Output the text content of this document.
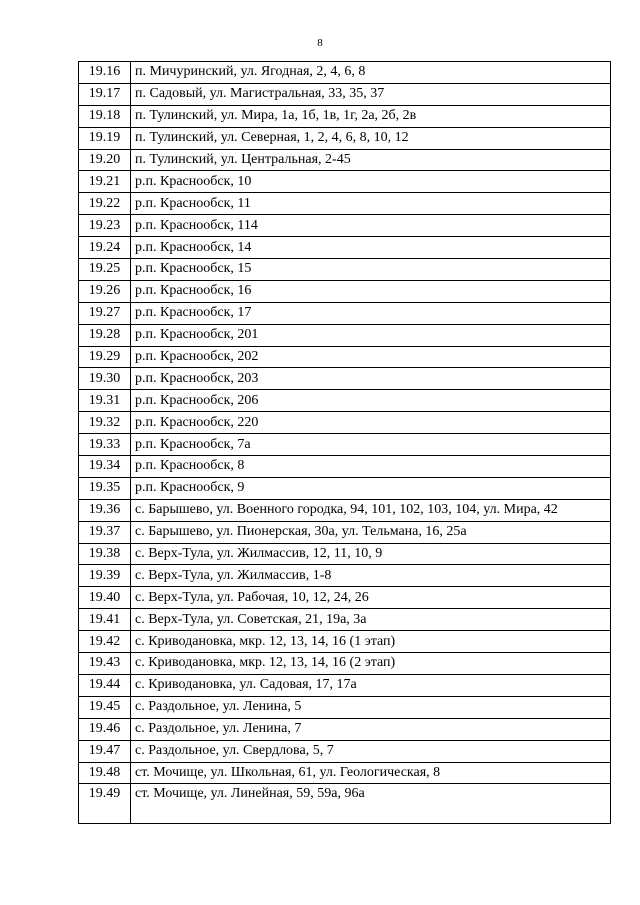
8
19.16	п. Мичуринский, ул. Ягодная, 2, 4, 6, 8
19.17	п. Садовый, ул. Магистральная, 33, 35, 37
19.18	п. Тулинский, ул. Мира, 1а, 1б, 1в, 1г, 2а, 2б, 2в
19.19	п. Тулинский, ул. Северная, 1, 2, 4, 6, 8, 10, 12
19.20	п. Тулинский, ул. Центральная, 2-45
19.21	р.п. Краснообск, 10
19.22	р.п. Краснообск, 11
19.23	р.п. Краснообск, 114
19.24	р.п. Краснообск, 14
19.25	р.п. Краснообск, 15
19.26	р.п. Краснообск, 16
19.27	р.п. Краснообск, 17
19.28	р.п. Краснообск, 201
19.29	р.п. Краснообск, 202
19.30	р.п. Краснообск, 203
19.31	р.п. Краснообск, 206
19.32	р.п. Краснообск, 220
19.33	р.п. Краснообск, 7а
19.34	р.п. Краснообск, 8
19.35	р.п. Краснообск, 9
19.36	с. Барышево, ул. Военного городка, 94, 101, 102, 103, 104, ул. Мира, 42
19.37	с. Барышево, ул. Пионерская, 30а, ул. Тельмана, 16, 25а
19.38	с. Верх-Тула, ул. Жилмассив, 12, 11, 10, 9
19.39	с. Верх-Тула, ул. Жилмассив, 1-8
19.40	с. Верх-Тула, ул. Рабочая, 10, 12, 24, 26
19.41	с. Верх-Тула, ул. Советская, 21, 19а, 3а
19.42	с. Криводановка, мкр. 12, 13, 14, 16 (1 этап)
19.43	с. Криводановка, мкр. 12, 13, 14, 16 (2 этап)
19.44	с. Криводановка, ул. Садовая, 17, 17а
19.45	с. Раздольное, ул. Ленина, 5
19.46	с. Раздольное, ул. Ленина, 7
19.47	с. Раздольное, ул. Свердлова, 5, 7
19.48	ст. Мочище, ул. Школьная, 61, ул. Геологическая, 8

19.49	ст. Мочище, ул. Линейная, 59, 59а, 96а
